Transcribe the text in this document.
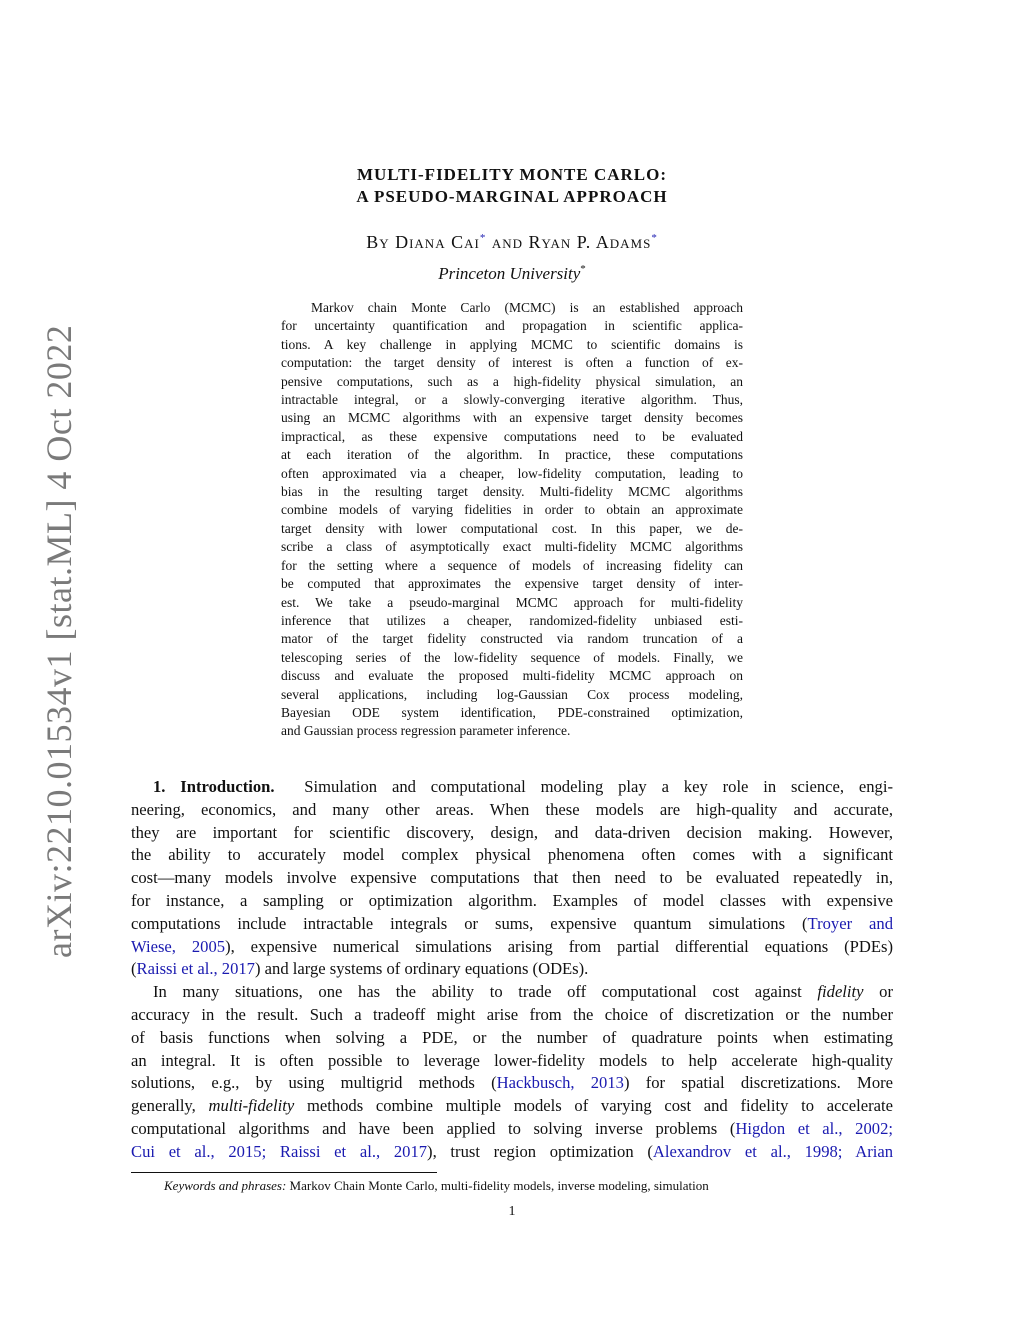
arXiv:2210.01534v1 [stat.ML] 4 Oct 2022
MULTI-FIDELITY MONTE CARLO:
A PSEUDO-MARGINAL APPROACH
By Diana Cai* and Ryan P. Adams*
Princeton University*
Markov chain Monte Carlo (MCMC) is an established approach
for uncertainty quantification and propagation in scientific applica-
tions. A key challenge in applying MCMC to scientific domains is
computation: the target density of interest is often a function of ex-
pensive computations, such as a high-fidelity physical simulation, an
intractable integral, or a slowly-converging iterative algorithm. Thus,
using an MCMC algorithms with an expensive target density becomes
impractical, as these expensive computations need to be evaluated
at each iteration of the algorithm. In practice, these computations
often approximated via a cheaper, low-fidelity computation, leading to
bias in the resulting target density. Multi-fidelity MCMC algorithms
combine models of varying fidelities in order to obtain an approximate
target density with lower computational cost. In this paper, we de-
scribe a class of asymptotically exact multi-fidelity MCMC algorithms
for the setting where a sequence of models of increasing fidelity can
be computed that approximates the expensive target density of inter-
est. We take a pseudo-marginal MCMC approach for multi-fidelity
inference that utilizes a cheaper, randomized-fidelity unbiased esti-
mator of the target fidelity constructed via random truncation of a
telescoping series of the low-fidelity sequence of models. Finally, we
discuss and evaluate the proposed multi-fidelity MCMC approach on
several applications, including log-Gaussian Cox process modeling,
Bayesian ODE system identification, PDE-constrained optimization,
and Gaussian process regression parameter inference.
1. Introduction. Simulation and computational modeling play a key role in science, engi-
neering, economics, and many other areas. When these models are high-quality and accurate,
they are important for scientific discovery, design, and data-driven decision making. However,
the ability to accurately model complex physical phenomena often comes with a significant
cost—many models involve expensive computations that then need to be evaluated repeatedly in,
for instance, a sampling or optimization algorithm. Examples of model classes with expensive
computations include intractable integrals or sums, expensive quantum simulations (Troyer and
Wiese, 2005), expensive numerical simulations arising from partial differential equations (PDEs)
(Raissi et al., 2017) and large systems of ordinary equations (ODEs).
In many situations, one has the ability to trade off computational cost against fidelity or
accuracy in the result. Such a tradeoff might arise from the choice of discretization or the number
of basis functions when solving a PDE, or the number of quadrature points when estimating
an integral. It is often possible to leverage lower-fidelity models to help accelerate high-quality
solutions, e.g., by using multigrid methods (Hackbusch, 2013) for spatial discretizations. More
generally, multi-fidelity methods combine multiple models of varying cost and fidelity to accelerate
computational algorithms and have been applied to solving inverse problems (Higdon et al., 2002;
Cui et al., 2015; Raissi et al., 2017), trust region optimization (Alexandrov et al., 1998; Arian
Keywords and phrases: Markov Chain Monte Carlo, multi-fidelity models, inverse modeling, simulation
1
